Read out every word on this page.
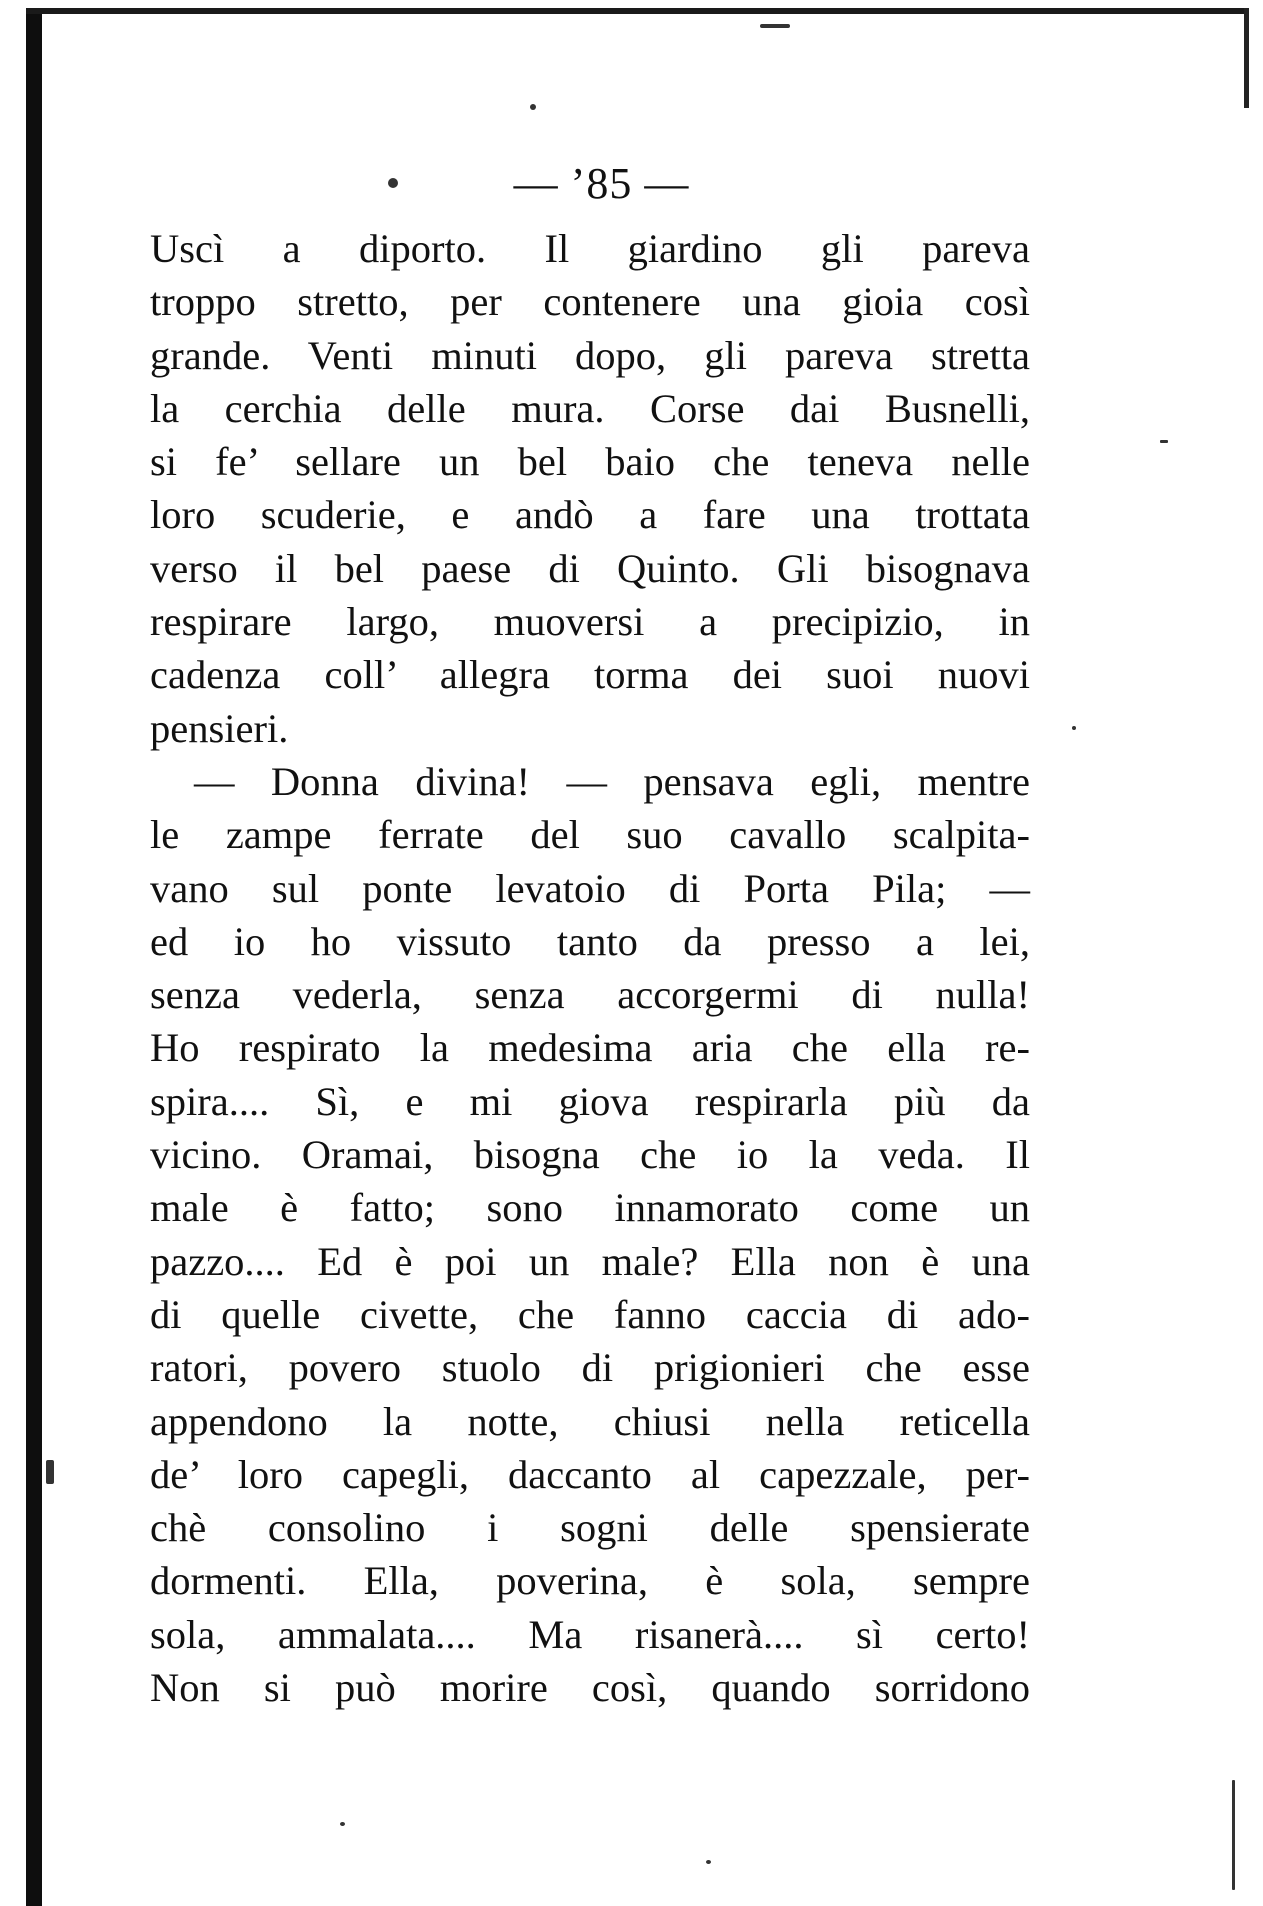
— ’85 —
Uscì a diporto. Il giardino gli pareva
troppo stretto, per contenere una gioia così
grande. Venti minuti dopo, gli pareva stretta
la cerchia delle mura. Corse dai Busnelli,
si fe’ sellare un bel baio che teneva nelle
loro scuderie, e andò a fare una trottata
verso il bel paese di Quinto. Gli bisognava
respirare largo, muoversi a precipizio, in
cadenza coll’ allegra torma dei suoi nuovi
pensieri.
— Donna divina! — pensava egli, mentre
le zampe ferrate del suo cavallo scalpita-
vano sul ponte levatoio di Porta Pila; —
ed io ho vissuto tanto da presso a lei,
senza vederla, senza accorgermi di nulla!
Ho respirato la medesima aria che ella re-
spira.... Sì, e mi giova respirarla più da
vicino. Oramai, bisogna che io la veda. Il
male è fatto; sono innamorato come un
pazzo.... Ed è poi un male? Ella non è una
di quelle civette, che fanno caccia di ado-
ratori, povero stuolo di prigionieri che esse
appendono la notte, chiusi nella reticella
de’ loro capegli, daccanto al capezzale, per-
chè consolino i sogni delle spensierate
dormenti. Ella, poverina, è sola, sempre
sola, ammalata.... Ma risanerà.... sì certo!
Non si può morire così, quando sorridono
